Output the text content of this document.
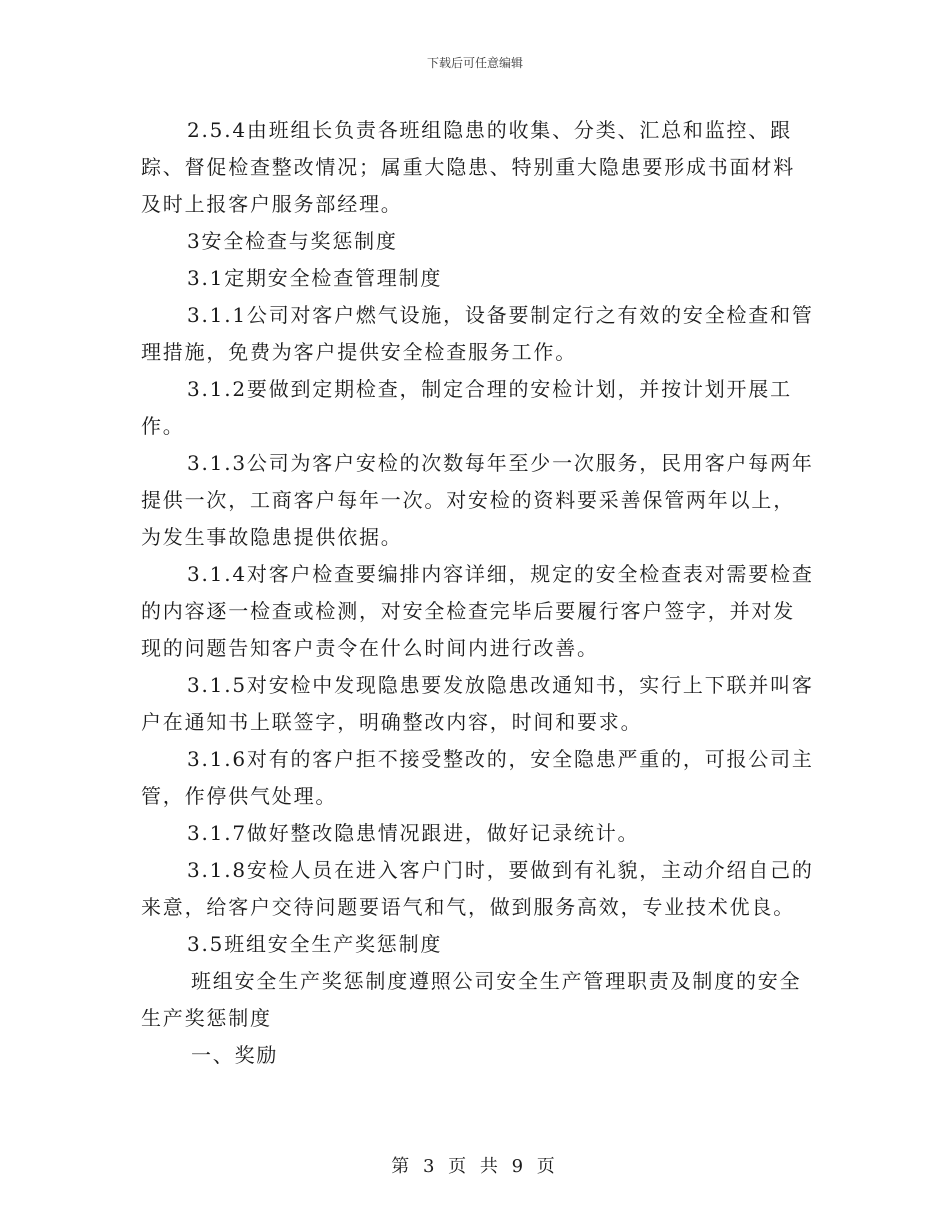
下载后可任意编辑

2.5.4由班组长负责各班组隐患的收集、分类、汇总和监控、跟踪、督促检查整改情况；属重大隐患、特别重大隐患要形成书面材料及时上报客户服务部经理。

3安全检查与奖惩制度

3.1定期安全检查管理制度

3.1.1公司对客户燃气设施，设备要制定行之有效的安全检查和管理措施，免费为客户提供安全检查服务工作。

3.1.2要做到定期检查，制定合理的安检计划，并按计划开展工作。

3.1.3公司为客户安检的次数每年至少一次服务，民用客户每两年提供一次，工商客户每年一次。对安检的资料要采善保管两年以上，为发生事故隐患提供依据。

3.1.4对客户检查要编排内容详细，规定的安全检查表对需要检查的内容逐一检查或检测，对安全检查完毕后要履行客户签字，并对发现的问题告知客户责令在什么时间内进行改善。

3.1.5对安检中发现隐患要发放隐患改通知书，实行上下联并叫客户在通知书上联签字，明确整改内容，时间和要求。

3.1.6对有的客户拒不接受整改的，安全隐患严重的，可报公司主管，作停供气处理。

3.1.7做好整改隐患情况跟进，做好记录统计。

3.1.8安检人员在进入客户门时，要做到有礼貌，主动介绍自己的来意，给客户交待问题要语气和气，做到服务高效，专业技术优良。

3.5班组安全生产奖惩制度

班组安全生产奖惩制度遵照公司安全生产管理职责及制度的安全生产奖惩制度

一、奖励

第 3 页 共 9 页
